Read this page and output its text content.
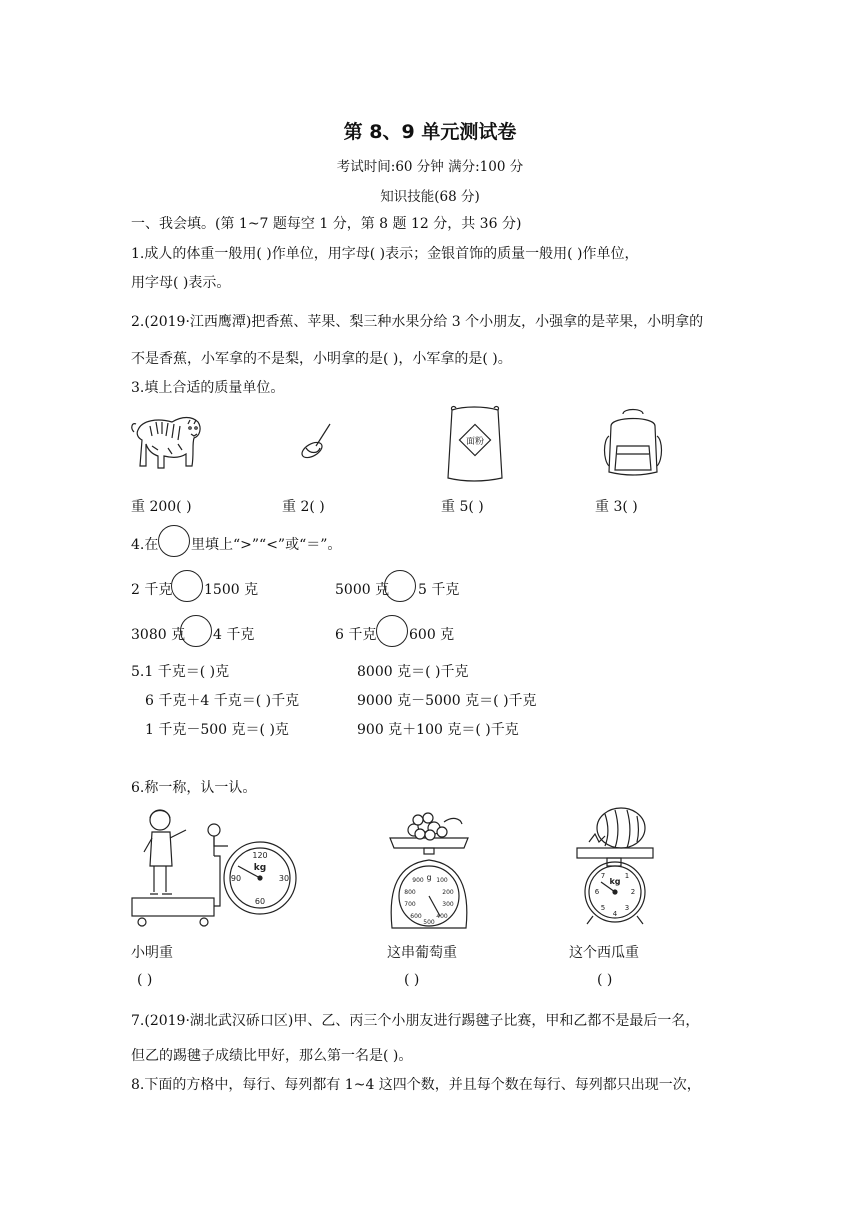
第 8、9 单元测试卷
考试时间:60 分钟 满分:100 分
知识技能(68 分)
一、我会填。(第 1~7 题每空 1 分，第 8 题 12 分，共 36 分)
1.成人的体重一般用( )作单位，用字母( )表示；金银首饰的质量一般用( )作单位，
用字母( )表示。
2.(2019·江西鹰潭)把香蕉、苹果、梨三种水果分给 3 个小朋友，小强拿的是苹果，小明拿的
不是香蕉，小军拿的不是梨，小明拿的是( )，小军拿的是( )。
3.填上合适的质量单位。
面粉
重 200( )	重 2( )	重 5( )	重 3( )
4.在 里填上“>”“<”或“＝”。
2 千克 1500 克	5000 克 5 千克
3080 克 4 千克	6 千克 600 克
5.1 千克＝( )克	8000 克＝( )千克
6 千克＋4 千克＝( )千克	9000 克－5000 克＝( )千克
1 千克－500 克＝( )克	900 克＋100 克＝( )千克
6.称一称，认一认。
120
kg
90	30
60
g
900 100
800	200
700	300
600 400
500
kg
7	1
6	2
5	3
4
小明重	这串葡萄重	这个西瓜重
( )	( )	( )
7.(2019·湖北武汉硚口区)甲、乙、丙三个小朋友进行踢毽子比赛，甲和乙都不是最后一名，
但乙的踢毽子成绩比甲好，那么第一名是( )。
8.下面的方格中，每行、每列都有 1~4 这四个数，并且每个数在每行、每列都只出现一次，
